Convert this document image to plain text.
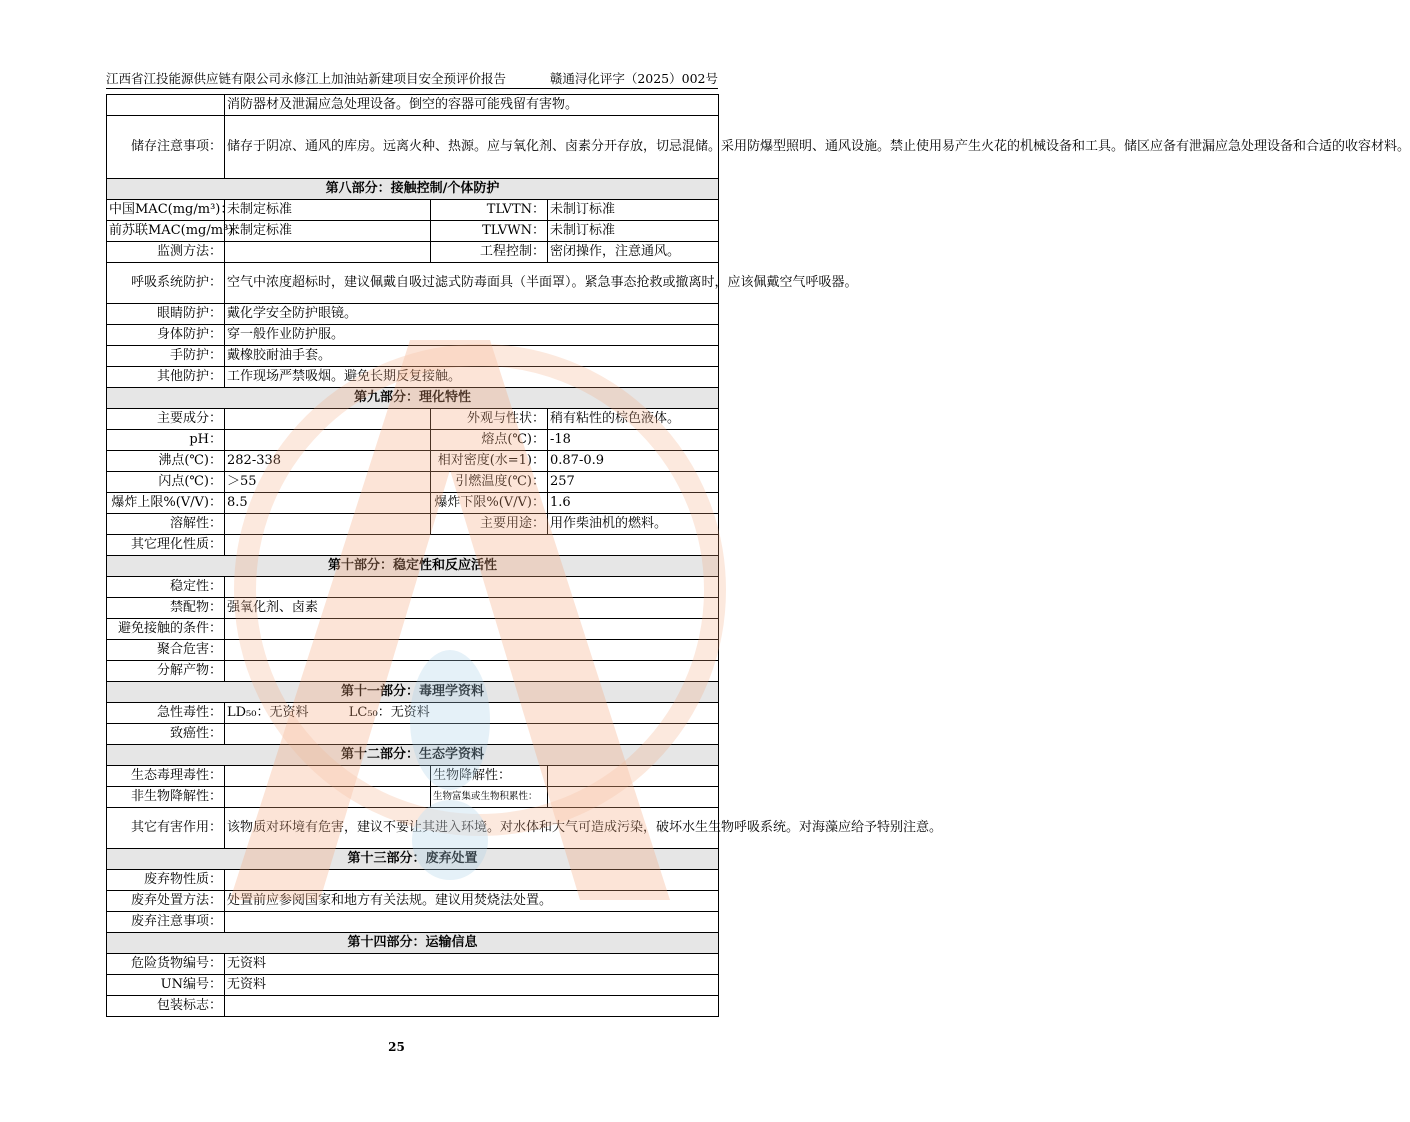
江西省江投能源供应链有限公司永修江上加油站新建项目安全预评价报告	赣通浔化评字（2025）002号
	消防器材及泄漏应急处理设备。倒空的容器可能残留有害物。		
储存注意事项：	储存于阴凉、通风的库房。远离火种、热源。应与氧化剂、卤素分开存放，切忌混储。采用防爆型照明、通风设施。禁止使用易产生火花的机械设备和工具。储区应备有泄漏应急处理设备和合适的收容材料。		
第八部分：接触控制/个体防护			
中国MAC(mg/m³)：	未制定标准	TLVTN：	未制订标准
前苏联MAC(mg/m³)：	未制定标准	TLVWN：	未制订标准
监测方法：		工程控制：	密闭操作，注意通风。
呼吸系统防护：	空气中浓度超标时，建议佩戴自吸过滤式防毒面具（半面罩）。紧急事态抢救或撤离时，应该佩戴空气呼吸器。		
眼睛防护：	戴化学安全防护眼镜。		
身体防护：	穿一般作业防护服。		
手防护：	戴橡胶耐油手套。		
其他防护：	工作现场严禁吸烟。避免长期反复接触。		
第九部分：理化特性			
主要成分：		外观与性状：	稍有粘性的棕色液体。
pH：		熔点(℃)：	-18
沸点(℃)：	282-338	相对密度(水=1)：	0.87-0.9
闪点(℃)：	＞55	引燃温度(℃)：	257
爆炸上限%(V/V)：	8.5	爆炸下限%(V/V)：	1.6
溶解性：		主要用途：	用作柴油机的燃料。
其它理化性质：			
第十部分：稳定性和反应活性			
稳定性：			
禁配物：	强氧化剂、卤素		
避免接触的条件：			
聚合危害：			
分解产物：			
第十一部分：毒理学资料			
急性毒性：	LD₅₀：无资料 LC₅₀：无资料		
致癌性：			
第十二部分：生态学资料			
生态毒理毒性：		生物降解性：	
非生物降解性：		生物富集或生物积累性：	
其它有害作用：	该物质对环境有危害，建议不要让其进入环境。对水体和大气可造成污染，破坏水生生物呼吸系统。对海藻应给予特别注意。		
第十三部分：废弃处置			
废弃物性质：			
废弃处置方法：	处置前应参阅国家和地方有关法规。建议用焚烧法处置。		
废弃注意事项：			
第十四部分：运输信息			
危险货物编号：	无资料		
UN编号：	无资料		
包装标志：			
25
